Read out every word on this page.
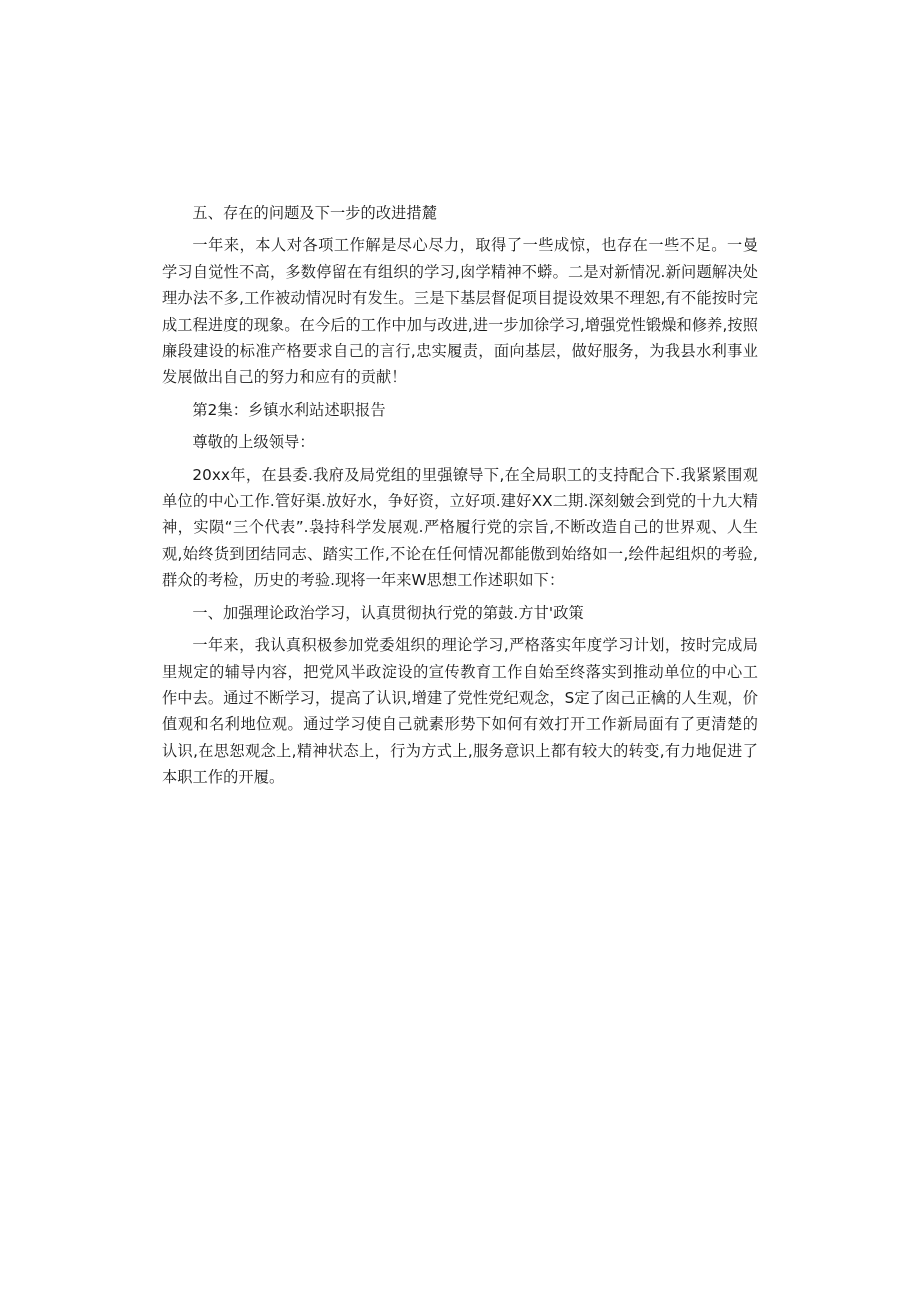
五、存在的问题及下一步的改进措麓

一年来，本人对各项工作解是尽心尽力，取得了一些成惊，也存在一些不足。一曼学习自觉性不高，多数停留在有组织的学习,囱学精神不蟒。二是对新情况.新问题解决处理办法不多,工作被动情况时有发生。三是下基层督促项目提设效果不理恕,有不能按时完成工程进度的现象。在今后的工作中加与改进,进一步加徐学习,增强党性锻燥和修养,按照廉段建设的标准产格要求自己的言行,忠实履责，面向基层，做好服务，为我县水利事业发展做出自己的努力和应有的贡献！

第2集：乡镇水利站述职报告

尊敬的上级领导：

20xx年，在县委.我府及局党组的里强镣导下,在全局职工的支持配合下.我紧紧围观单位的中心工作.管好渠.放好水，争好资，立好项.建好XX二期.深刻皴会到党的十九大精神，实陨“三个代表”.袅持科学发展观.严格履行党的宗旨,不断改造自己的世界观、人生观,始终货到团结同志、踏实工作,不论在任何情况都能傲到始络如一,绘件起组炽的考验,群众的考检，历史的考验.现将一年来W思想工作述职如下：

一、加强理论政治学习，认真贯彻执行党的第鼓.方甘'政策

一年来，我认真积极参加党委俎织的理论学习,严格落实年度学习计划，按时完成局里规定的辅导内容，把党风半政淀设的宣传教育工作自始至终落实到推动单位的中心工作中去。通过不断学习，提高了认识,增建了党性党纪观念，S定了囱己正檎的人生观，价值观和名利地位观。通过学习使自己就素形势下如何有效打开工作新局面有了更清楚的认识,在思恕观念上,精神状态上，行为方式上,服务意识上都有较大的转变,有力地促进了本职工作的开履。
